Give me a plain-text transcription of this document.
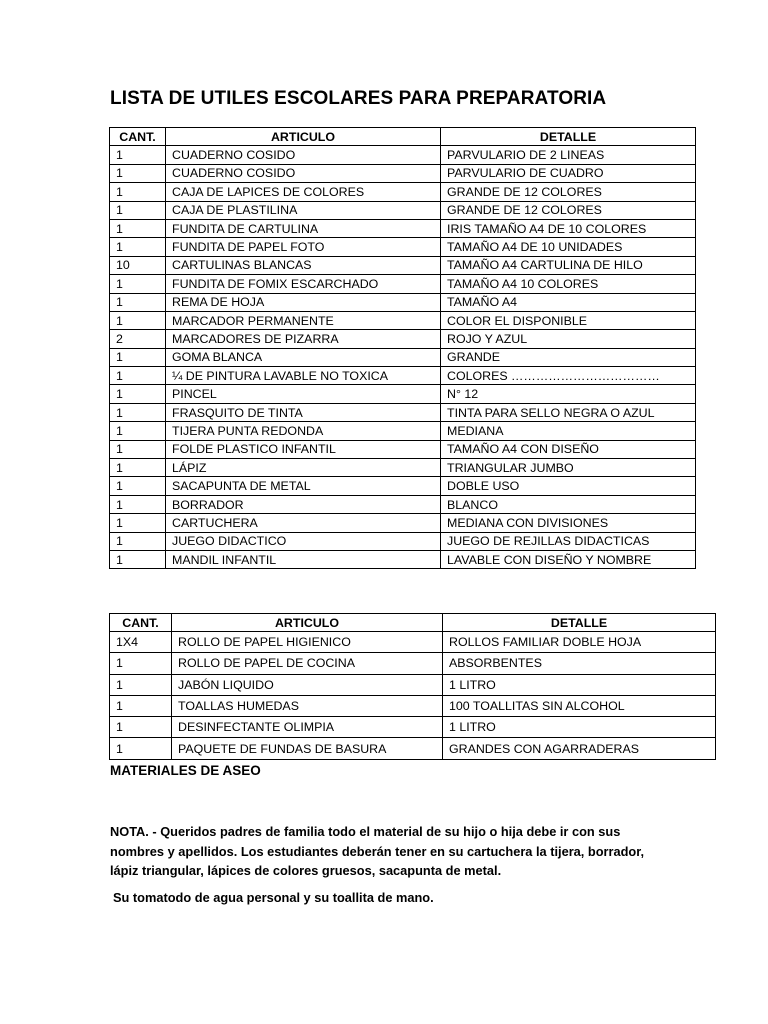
LISTA DE UTILES ESCOLARES PARA PREPARATORIA
CANT.	ARTICULO	DETALLE
1	CUADERNO COSIDO	PARVULARIO DE 2 LINEAS
1	CUADERNO COSIDO	PARVULARIO DE CUADRO
1	CAJA DE LAPICES DE COLORES	GRANDE DE 12 COLORES
1	CAJA DE PLASTILINA	GRANDE DE 12 COLORES
1	FUNDITA DE CARTULINA	IRIS TAMAÑO A4 DE 10 COLORES
1	FUNDITA DE PAPEL FOTO	TAMAÑO A4 DE 10 UNIDADES
10	CARTULINAS BLANCAS	TAMAÑO A4 CARTULINA DE HILO
1	FUNDITA DE FOMIX ESCARCHADO	TAMAÑO A4 10 COLORES
1	REMA DE HOJA	TAMAÑO A4
1	MARCADOR PERMANENTE	COLOR EL DISPONIBLE
2	MARCADORES DE PIZARRA	ROJO Y AZUL
1	GOMA BLANCA	GRANDE
1	¼ DE PINTURA LAVABLE NO TOXICA	COLORES ………………………………
1	PINCEL	N° 12
1	FRASQUITO DE TINTA	TINTA PARA SELLO NEGRA O AZUL
1	TIJERA PUNTA REDONDA	MEDIANA
1	FOLDE PLASTICO INFANTIL	TAMAÑO A4 CON DISEÑO
1	LÁPIZ	TRIANGULAR JUMBO
1	SACAPUNTA DE METAL	DOBLE USO
1	BORRADOR	BLANCO
1	CARTUCHERA	MEDIANA CON DIVISIONES
1	JUEGO DIDACTICO	JUEGO DE REJILLAS DIDACTICAS
1	MANDIL INFANTIL	LAVABLE CON DISEÑO Y NOMBRE
CANT.	ARTICULO	DETALLE
1X4	ROLLO DE PAPEL HIGIENICO	ROLLOS FAMILIAR DOBLE HOJA
1	ROLLO DE PAPEL DE COCINA	ABSORBENTES
1	JABÓN LIQUIDO	1 LITRO
1	TOALLAS HUMEDAS	100 TOALLITAS SIN ALCOHOL
1	DESINFECTANTE OLIMPIA	1 LITRO
1	PAQUETE DE FUNDAS DE BASURA	GRANDES CON AGARRADERAS
MATERIALES DE ASEO

NOTA. - Queridos padres de familia todo el material de su hijo o hija debe ir con sus nombres y apellidos. Los estudiantes deberán tener en su cartuchera la tijera, borrador, lápiz triangular, lápices de colores gruesos, sacapunta de metal.

Su tomatodo de agua personal y su toallita de mano.
